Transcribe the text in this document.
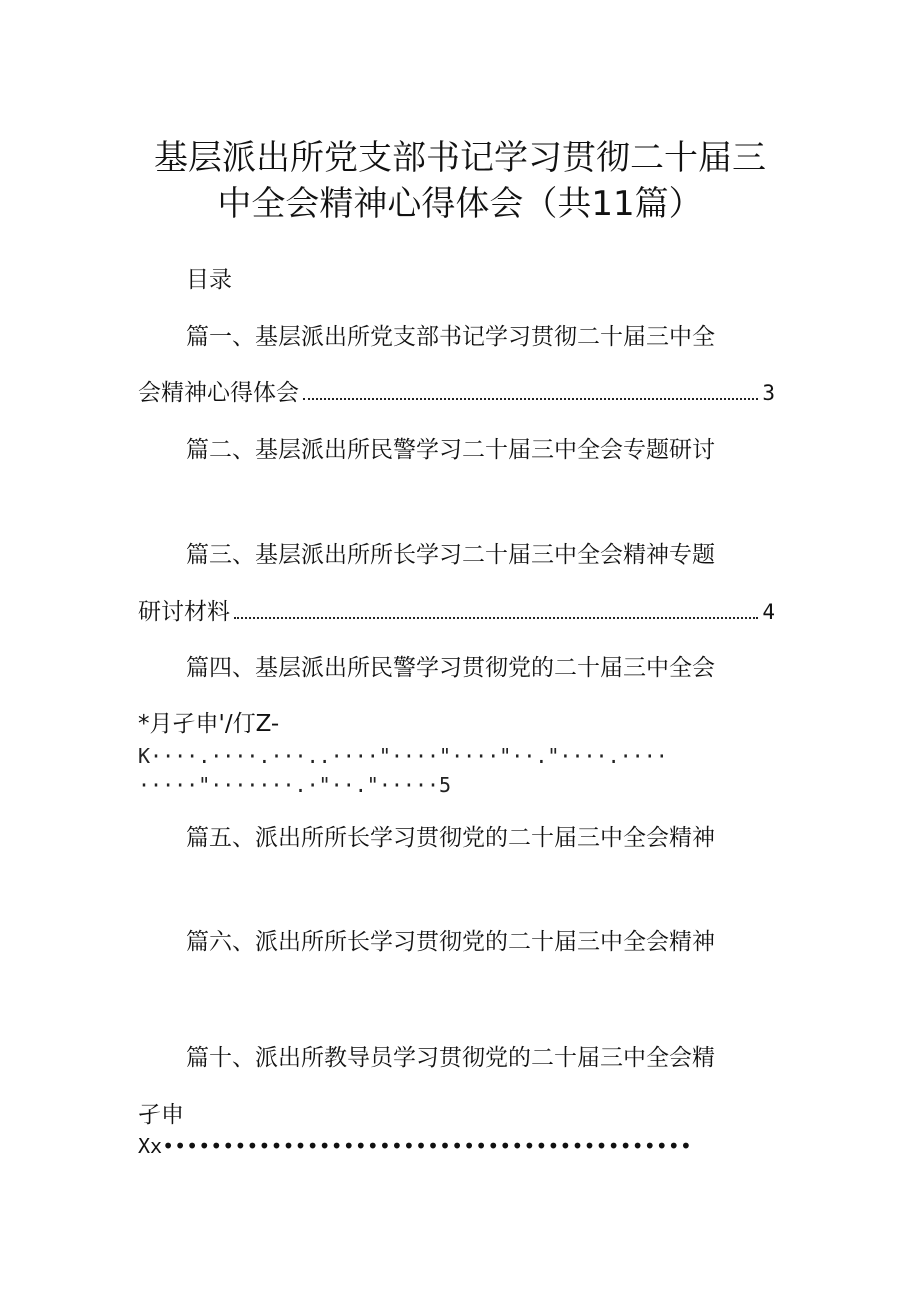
基层派出所党支部书记学习贯彻二十届三
中全会精神心得体会（共11篇）
目录
篇一、基层派出所党支部书记学习贯彻二十届三中全
会精神心得体会	3
篇二、基层派出所民警学习二十届三中全会专题研讨
篇三、基层派出所所长学习二十届三中全会精神专题
研讨材料	4
篇四、基层派出所民警学习贯彻党的二十届三中全会
*月孑申'/仃Z-
K····.····.···..····"····"····"··."····.····
·····"·······.·"··."·····5
篇五、派出所所长学习贯彻党的二十届三中全会精神
篇六、派出所所长学习贯彻党的二十届三中全会精神
篇十、派出所教导员学习贯彻党的二十届三中全会精
孑申
Xx••••••••••••••••••••••••••••••••••••••••••••
